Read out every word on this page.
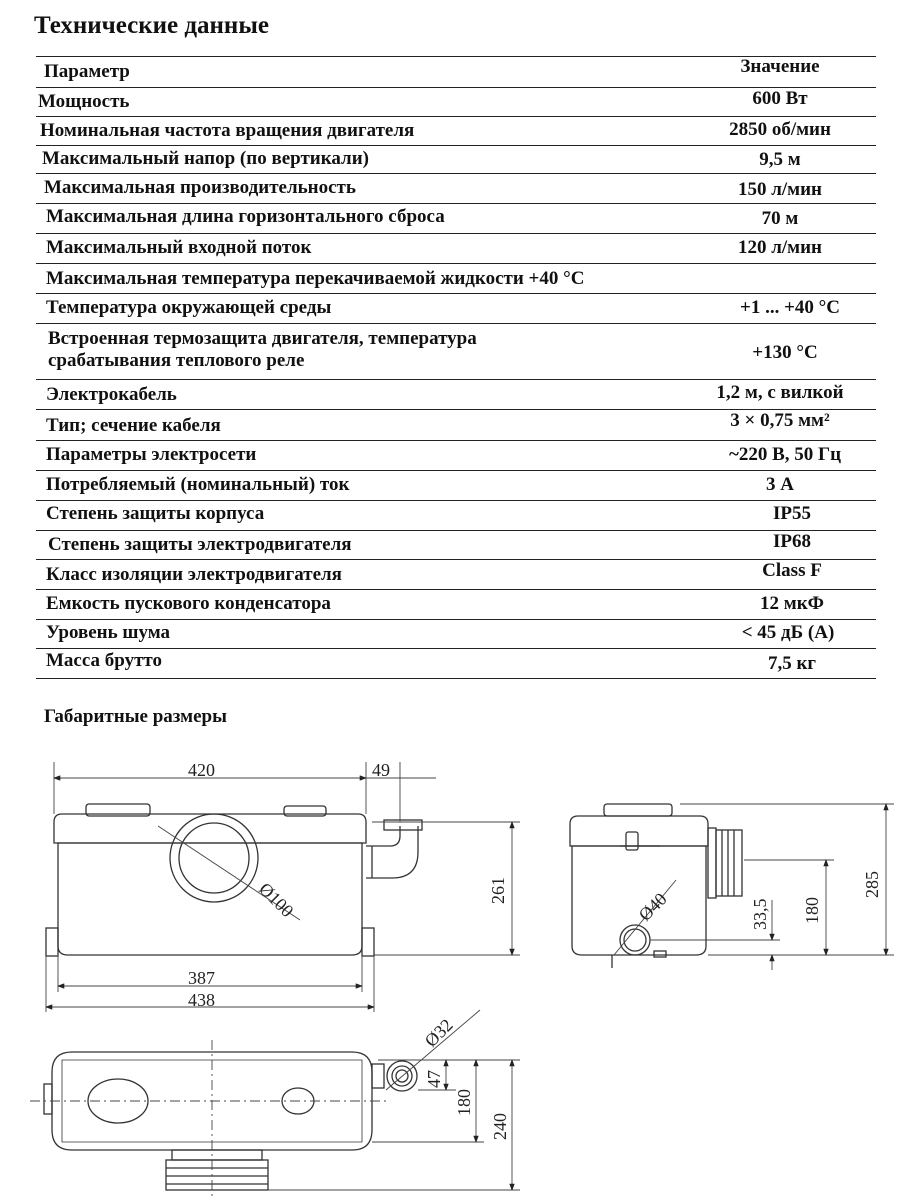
Технические данные
Параметр	Значение
Мощность	600 Вт
Номинальная частота вращения двигателя	2850 об/мин
Максимальный напор (по вертикали)	9,5 м
Максимальная производительность	150 л/мин
Максимальная длина горизонтального сброса	70 м
Максимальный входной поток	120 л/мин
Максимальная температура перекачиваемой жидкости +40 °С
Температура окружающей среды	+1 ... +40 °С
Встроенная термозащита двигателя, температура
срабатывания теплового реле	+130 °С
Электрокабель	1,2 м, с вилкой
Тип; сечение кабеля	3 × 0,75 мм²
Параметры электросети	~220 В, 50 Гц
Потребляемый (номинальный) ток	3 А
Степень защиты корпуса	IP55
Степень защиты электродвигателя	IP68
Класс изоляции электродвигателя	Class F
Емкость пускового конденсатора	12 мкФ
Уровень шума	< 45 дБ (А)
Масса брутто	7,5 кг
Габаритные размеры
420	49
261
Ø100
387
438
Ø40
285
180
33,5
Ø32
47
180
240
